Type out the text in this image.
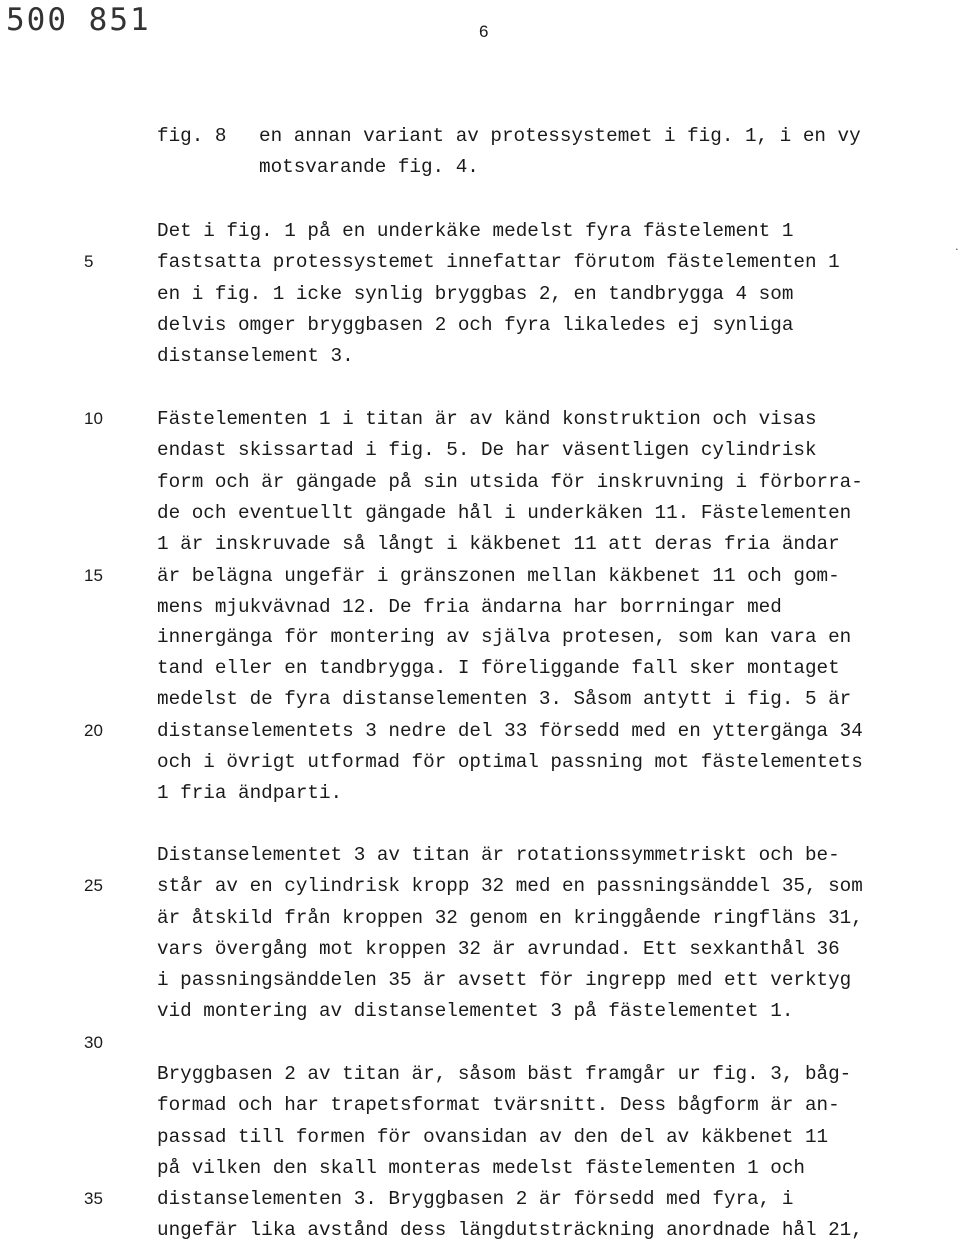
500 851	6
fig. 8 en annan variant av protessystemet i fig. 1, i en vy
motsvarande fig. 4.
.
5
10
15
20
25
30
35
Det i fig. 1 på en underkäke medelst fyra fästelement 1
fastsatta protessystemet innefattar förutom fästelementen 1
en i fig. 1 icke synlig bryggbas 2, en tandbrygga 4 som
delvis omger bryggbasen 2 och fyra likaledes ej synliga
distanselement 3.
Fästelementen 1 i titan är av känd konstruktion och visas
endast skissartad i fig. 5. De har väsentligen cylindrisk
form och är gängade på sin utsida för inskruvning i förborra-
de och eventuellt gängade hål i underkäken 11. Fästelementen
1 är inskruvade så långt i käkbenet 11 att deras fria ändar
är belägna ungefär i gränszonen mellan käkbenet 11 och gom-
mens mjukvävnad 12. De fria ändarna har borrningar med
innergänga för montering av själva protesen, som kan vara en
tand eller en tandbrygga. I föreliggande fall sker montaget
medelst de fyra distanselementen 3. Såsom antytt i fig. 5 är
distanselementets 3 nedre del 33 försedd med en yttergänga 34
och i övrigt utformad för optimal passning mot fästelementets
1 fria ändparti.
Distanselementet 3 av titan är rotationssymmetriskt och be-
står av en cylindrisk kropp 32 med en passningsänddel 35, som
är åtskild från kroppen 32 genom en kringgående ringfläns 31,
vars övergång mot kroppen 32 är avrundad. Ett sexkanthål 36
i passningsänddelen 35 är avsett för ingrepp med ett verktyg
vid montering av distanselementet 3 på fästelementet 1.
Bryggbasen 2 av titan är, såsom bäst framgår ur fig. 3, båg-
formad och har trapetsformat tvärsnitt. Dess bågform är an-
passad till formen för ovansidan av den del av käkbenet 11
på vilken den skall monteras medelst fästelementen 1 och
distanselementen 3. Bryggbasen 2 är försedd med fyra, i
ungefär lika avstånd dess längdutsträckning anordnade hål 21,
